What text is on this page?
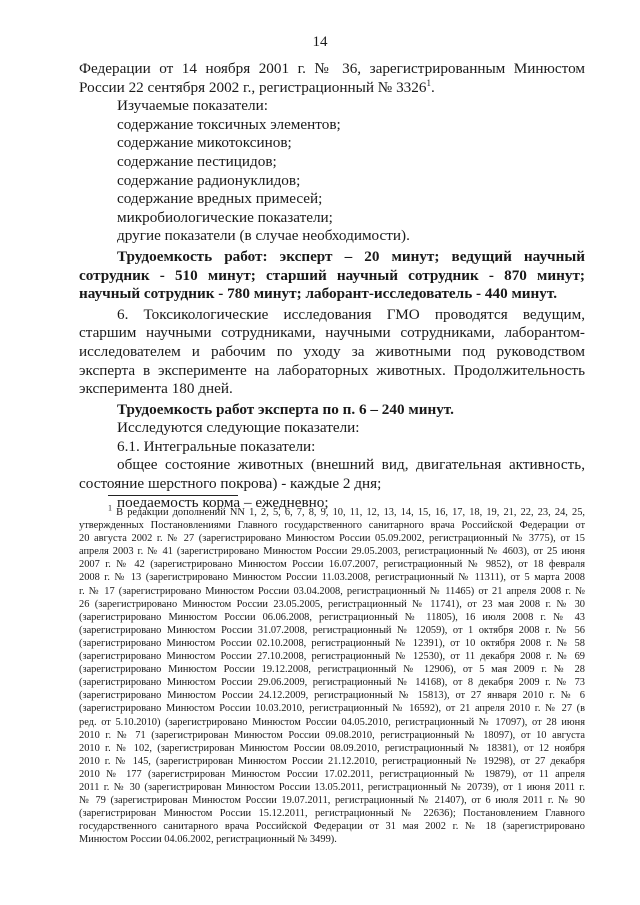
14

Федерации от 14 ноября 2001 г. № 36, зарегистрированным Минюстом

России 22 сентября 2002 г., регистрационный № 3326$^1$.

Изучаемые показатели:

содержание токсичных элементов;

содержание микотоксинов;

содержание пестицидов;

содержание радионуклидов;

содержание вредных примесей;

микробиологические показатели;

другие показатели (в случае необходимости).

Трудоемкость работ: эксперт – 20 минут; ведущий научный

сотрудник - 510 минут; старший научный сотрудник - 870 минут;

научный сотрудник - 780 минут; лаборант-исследователь - 440 минут.

6. Токсикологические исследования ГМО проводятся ведущим,

старшим научными сотрудниками, научными сотрудниками, лаборантом-

исследователем и рабочим по уходу за животными под руководством

эксперта в эксперименте на лабораторных животных. Продолжительность

эксперимента 180 дней.

Трудоемкость работ эксперта по п. 6 – 240 минут.

Исследуются следующие показатели:

6.1. Интегральные показатели:

общее состояние животных (внешний вид, двигательная активность,

состояние шерстного покрова) - каждые 2 дня;

поедаемость корма – ежедневно;

$^1$ В редакции дополнений NN 1, 2, 5, 6, 7, 8, 9, 10, 11, 12, 13, 14, 15, 16, 17, 18, 19, 21, 22, 23, 24, 25,
утвержденных Постановлениями Главного государственного санитарного врача Российской Федерации от
20 августа 2002 г. № 27 (зарегистрировано Минюстом России 05.09.2002, регистрационный № 3775), от 15
апреля 2003 г. № 41 (зарегистрировано Минюстом России 29.05.2003, регистрационный № 4603), от 25 июня
2007 г. № 42 (зарегистрировано Минюстом России 16.07.2007, регистрационный № 9852), от 18 февраля
2008 г. № 13 (зарегистрировано Минюстом России 11.03.2008, регистрационный № 11311), от 5 марта 2008
г. № 17 (зарегистрировано Минюстом России 03.04.2008, регистрационный № 11465) от 21 апреля 2008 г. №
26 (зарегистрировано Минюстом России 23.05.2005, регистрационный № 11741), от 23 мая 2008 г. № 30
(зарегистрировано Минюстом России 06.06.2008, регистрационный № 11805), 16 июля 2008 г. № 43
(зарегистрировано Минюстом России 31.07.2008, регистрационный № 12059), от 1 октября 2008 г. № 56
(зарегистрировано Минюстом России 02.10.2008, регистрационный № 12391), от 10 октября 2008 г. № 58
(зарегистрировано Минюстом России 27.10.2008, регистрационный № 12530), от 11 декабря 2008 г. № 69
(зарегистрировано Минюстом России 19.12.2008, регистрационный № 12906), от 5 мая 2009 г. № 28
(зарегистрировано Минюстом России 29.06.2009, регистрационный № 14168), от 8 декабря 2009 г. № 73
(зарегистрировано Минюстом России 24.12.2009, регистрационный № 15813), от 27 января 2010 г. № 6
(зарегистрировано Минюстом России 10.03.2010, регистрационный № 16592), от 21 апреля 2010 г. № 27 (в
ред. от 5.10.2010) (зарегистрировано Минюстом России 04.05.2010, регистрационный № 17097), от 28 июня
2010 г. № 71 (зарегистрирован Минюстом России 09.08.2010, регистрационный № 18097), от 10 августа
2010 г. № 102, (зарегистрирован Минюстом России 08.09.2010, регистрационный № 18381), от 12 ноября
2010 г. № 145, (зарегистрирован Минюстом России 21.12.2010, регистрационный № 19298), от 27 декабря
2010 № 177 (зарегистрирован Минюстом России 17.02.2011, регистрационный № 19879), от 11 апреля
2011 г. № 30 (зарегистрирован Минюстом России 13.05.2011, регистрационный № 20739), от 1 июня 2011 г.
№ 79 (зарегистрирован Минюстом России 19.07.2011, регистрационный № 21407), от 6 июля 2011 г. № 90
(зарегистрирован Минюстом России 15.12.2011, регистрационный № 22636); Постановлением Главного
государственного санитарного врача Российской Федерации от 31 мая 2002 г. № 18 (зарегистрировано
Минюстом России 04.06.2002, регистрационный № 3499).
